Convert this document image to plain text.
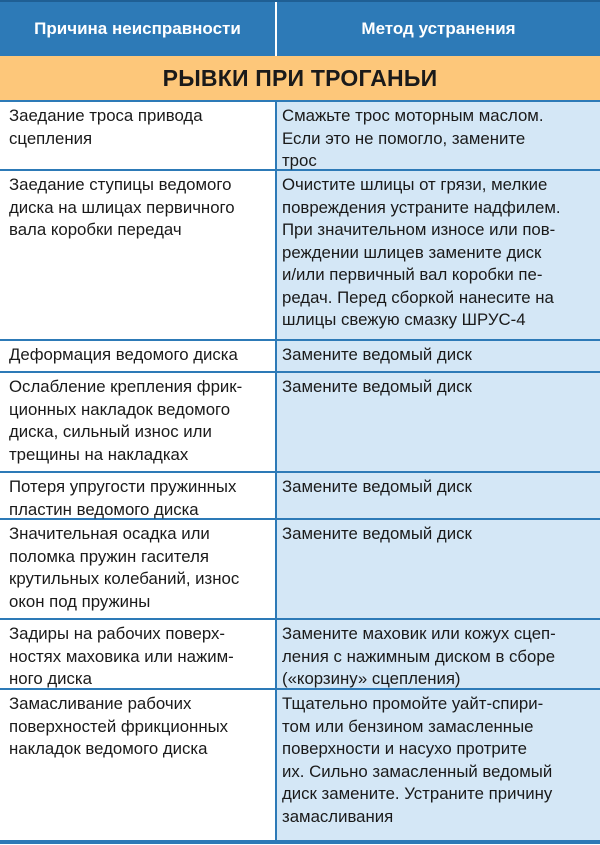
Причина неисправности	Метод устранения
РЫВКИ ПРИ ТРОГАНЬИ
Заедание троса привода
сцепления
Смажьте трос моторным маслом.
Если это не помогло, замените
трос
Заедание ступицы ведомого
диска на шлицах первичного
вала коробки передач
Очистите шлицы от грязи, мелкие
повреждения устраните надфилем.
При значительном износе или пов-
реждении шлицев замените диск
и/или первичный вал коробки пе-
редач. Перед сборкой нанесите на
шлицы свежую смазку ШРУС-4
Деформация ведомого диска	Замените ведомый диск
Ослабление крепления фрик-
ционных накладок ведомого
диска, сильный износ или
трещины на накладках
Замените ведомый диск
Потеря упругости пружинных
пластин ведомого диска
Замените ведомый диск
Значительная осадка или
поломка пружин гасителя
крутильных колебаний, износ
окон под пружины
Замените ведомый диск
Задиры на рабочих поверх-
ностях маховика или нажим-
ного диска
Замените маховик или кожух сцеп-
ления с нажимным диском в сборе
(«корзину» сцепления)
Замасливание рабочих
поверхностей фрикционных
накладок ведомого диска
Тщательно промойте уайт-спири-
том или бензином замасленные
поверхности и насухо протрите
их. Сильно замасленный ведомый
диск замените. Устраните причину
замасливания
